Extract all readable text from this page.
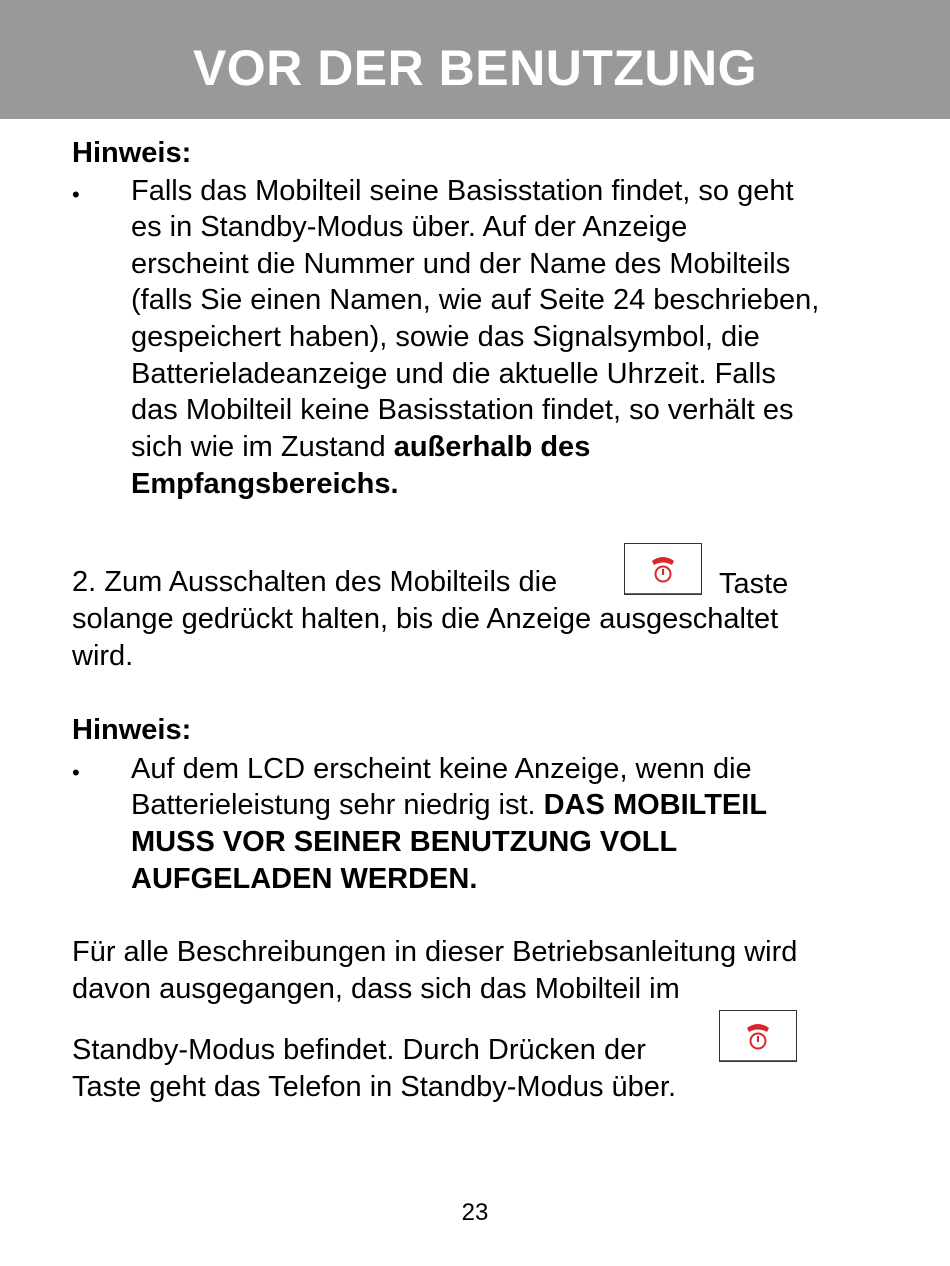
VOR DER BENUTZUNG
Hinweis:
• Falls das Mobilteil seine Basisstation findet, so geht
es in Standby-Modus über. Auf der Anzeige
erscheint die Nummer und der Name des Mobilteils
(falls Sie einen Namen, wie auf Seite 24 beschrieben,
gespeichert haben), sowie das Signalsymbol, die
Batterieladeanzeige und die aktuelle Uhrzeit. Falls
das Mobilteil keine Basisstation findet, so verhält es
sich wie im Zustand außerhalb des
Empfangsbereichs.
2. Zum Ausschalten des Mobilteils die	Taste
solange gedrückt halten, bis die Anzeige ausgeschaltet
wird.
Hinweis:
• Auf dem LCD erscheint keine Anzeige, wenn die
Batterieleistung sehr niedrig ist. DAS MOBILTEIL
MUSS VOR SEINER BENUTZUNG VOLL
AUFGELADEN WERDEN.
Für alle Beschreibungen in dieser Betriebsanleitung wird
davon ausgegangen, dass sich das Mobilteil im
Standby-Modus befindet. Durch Drücken der
Taste geht das Telefon in Standby-Modus über.
23
